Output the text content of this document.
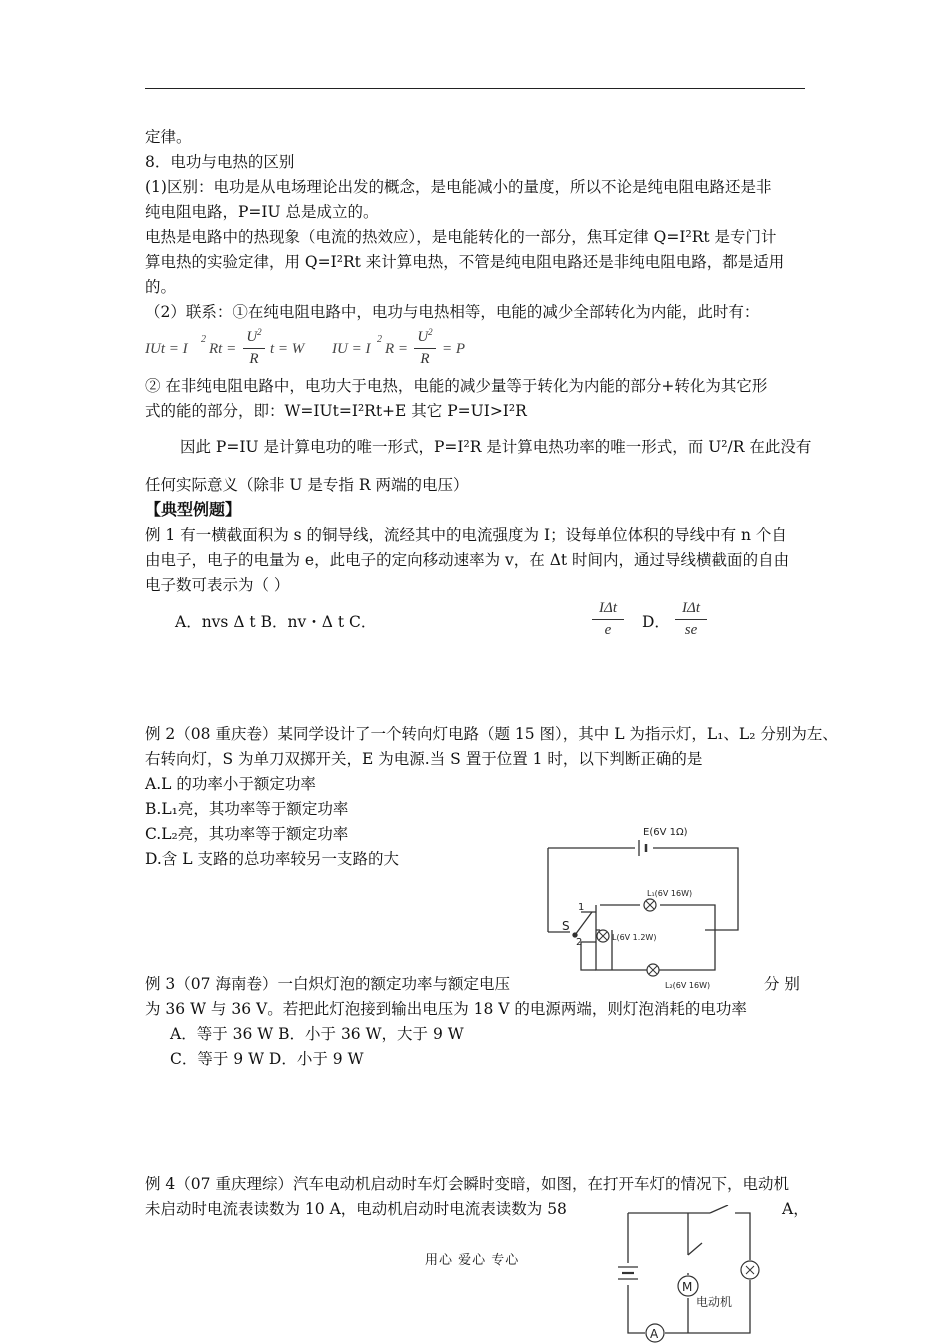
定律。
8．电功与电热的区别
(1)区别：电功是从电场理论出发的概念，是电能减小的量度，所以不论是纯电阻电路还是非
纯电阻电路，P=IU 总是成立的。
电热是电路中的热现象（电流的热效应），是电能转化的一部分，焦耳定律 Q=I²Rt 是专门计
算电热的实验定律，用 Q=I²Rt 来计算电热，不管是纯电阻电路还是非纯电阻电路，都是适用
的。
（2）联系：①在纯电阻电路中，电功与电热相等，电能的减少全部转化为内能，此时有：
IUt = I
2
Rt =
$U^2$
R
t = W IU = I
2
R =
$U^2$
R
= P
② 在非纯电阻电路中，电功大于电热，电能的减少量等于转化为内能的部分+转化为其它形
式的能的部分，即：W=IUt=I²Rt+E 其它 P=UI>I²R
因此 P=IU 是计算电功的唯一形式，P=I²R 是计算电热功率的唯一形式，而 U²/R 在此没有
任何实际意义（除非 U 是专指 R 两端的电压）
【典型例题】
例 1 有一横截面积为 s 的铜导线，流经其中的电流强度为 I；设每单位体积的导线中有 n 个自
由电子，电子的电量为 e，此电子的定向移动速率为 v，在 Δt 时间内，通过导线横截面的自由
电子数可表示为（ ）
A．nvs Δ t B．nv・Δ t C．
IΔt
e	D．
IΔt
se
例 2（08 重庆卷）某同学设计了一个转向灯电路（题 15 图），其中 L 为指示灯，L₁、L₂ 分别为左、
右转向灯，S 为单刀双掷开关，E 为电源.当 S 置于位置 1 时，以下判断正确的是
A.L 的功率小于额定功率
B.L₁亮，其功率等于额定功率
C.L₂亮，其功率等于额定功率
D.含 L 支路的总功率较另一支路的大
E(6V 1Ω)
L₁(6V 16W)
L(6V 1.2W)
L₂(6V 16W)
S
1
2
例 3（07 海南卷）一白炽灯泡的额定功率与额定电压	分 别
为 36 W 与 36 V。若把此灯泡接到输出电压为 18 V 的电源两端，则灯泡消耗的电功率
A．等于 36 W B．小于 36 W，大于 9 W
C．等于 9 W D．小于 9 W
例 4（07 重庆理综）汽车电动机启动时车灯会瞬时变暗，如图，在打开车灯的情况下，电动机
未启动时电流表读数为 10 A，电动机启动时电流表读数为 58	A，
M
A
电动机
用心 爱心 专心
